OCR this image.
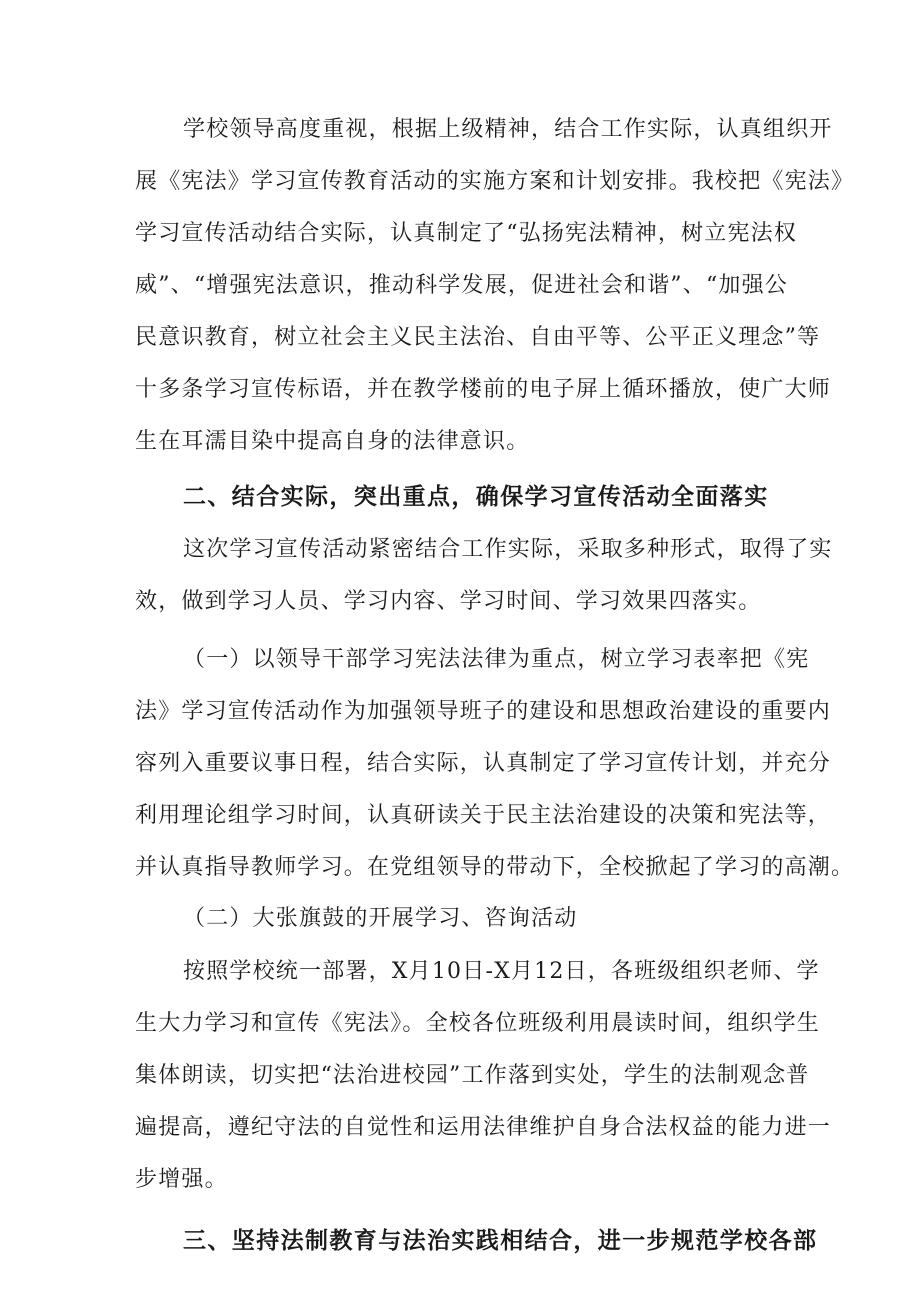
学校领导高度重视，根据上级精神，结合工作实际，认真组织开
展《宪法》学习宣传教育活动的实施方案和计划安排。我校把《宪法》
学习宣传活动结合实际，认真制定了“弘扬宪法精神，树立宪法权
威”、“增强宪法意识，推动科学发展，促进社会和谐”、“加强公
民意识教育，树立社会主义民主法治、自由平等、公平正义理念”等
十多条学习宣传标语，并在教学楼前的电子屏上循环播放，使广大师
生在耳濡目染中提高自身的法律意识。
二、结合实际，突出重点，确保学习宣传活动全面落实
这次学习宣传活动紧密结合工作实际，采取多种形式，取得了实
效，做到学习人员、学习内容、学习时间、学习效果四落实。
（一）以领导干部学习宪法法律为重点，树立学习表率把《宪
法》学习宣传活动作为加强领导班子的建设和思想政治建设的重要内
容列入重要议事日程，结合实际，认真制定了学习宣传计划，并充分
利用理论组学习时间，认真研读关于民主法治建设的决策和宪法等，
并认真指导教师学习。在党组领导的带动下，全校掀起了学习的高潮。
（二）大张旗鼓的开展学习、咨询活动
按照学校统一部署，X月10日-X月12日，各班级组织老师、学
生大力学习和宣传《宪法》。全校各位班级利用晨读时间，组织学生
集体朗读，切实把“法治进校园”工作落到实处，学生的法制观念普
遍提高，遵纪守法的自觉性和运用法律维护自身合法权益的能力进一
步增强。
三、坚持法制教育与法治实践相结合，进一步规范学校各部
